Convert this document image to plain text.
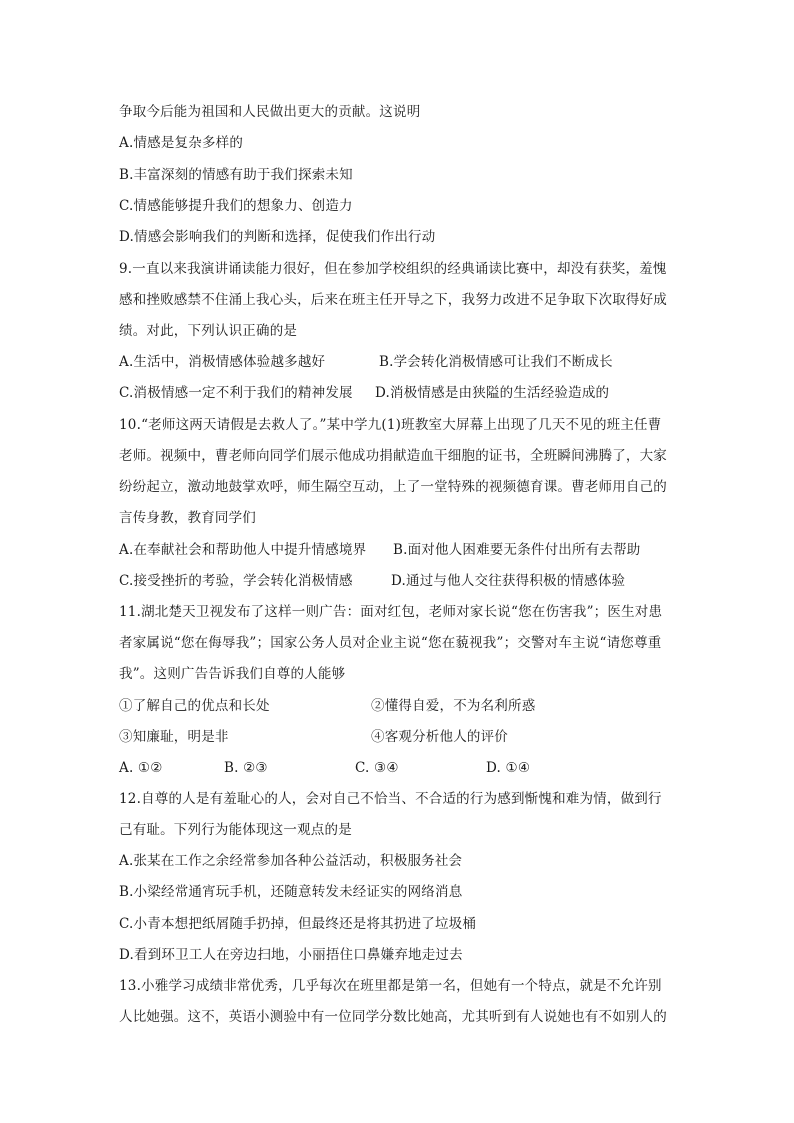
争取今后能为祖国和人民做出更大的贡献。这说明
A.情感是复杂多样的
B.丰富深刻的情感有助于我们探索未知
C.情感能够提升我们的想象力、创造力
D.情感会影响我们的判断和选择，促使我们作出行动
9.一直以来我演讲诵读能力很好，但在参加学校组织的经典诵读比赛中，却没有获奖，羞愧
感和挫败感禁不住涌上我心头，后来在班主任开导之下，我努力改进不足争取下次取得好成
绩。对此，下列认识正确的是
A.生活中，消极情感体验越多越好	B.学会转化消极情感可让我们不断成长
C.消极情感一定不利于我们的精神发展 D.消极情感是由狭隘的生活经验造成的
10.“老师这两天请假是去救人了。”某中学九(1)班教室大屏幕上出现了几天不见的班主任曹
老师。视频中，曹老师向同学们展示他成功捐献造血干细胞的证书，全班瞬间沸腾了，大家
纷纷起立，激动地鼓掌欢呼，师生隔空互动，上了一堂特殊的视频德育课。曹老师用自己的
言传身教，教育同学们
A.在奉献社会和帮助他人中提升情感境界 B.面对他人困难要无条件付出所有去帮助
C.接受挫折的考验，学会转化消极情感	D.通过与他人交往获得积极的情感体验
11.湖北楚天卫视发布了这样一则广告：面对红包，老师对家长说“您在伤害我”；医生对患
者家属说“您在侮辱我”；国家公务人员对企业主说“您在藐视我”；交警对车主说“请您尊重
我”。这则广告告诉我们自尊的人能够
①了解自己的优点和长处	②懂得自爱，不为名利所惑
③知廉耻，明是非	④客观分析他人的评价
A. ①②	B. ②③	C. ③④	D. ①④
12.自尊的人是有羞耻心的人，会对自己不恰当、不合适的行为感到惭愧和难为情，做到行
己有耻。下列行为能体现这一观点的是
A.张某在工作之余经常参加各种公益活动，积极服务社会
B.小梁经常通宵玩手机，还随意转发未经证实的网络消息
C.小青本想把纸屑随手扔掉，但最终还是将其扔进了垃圾桶
D.看到环卫工人在旁边扫地，小丽捂住口鼻嫌弃地走过去
13.小雅学习成绩非常优秀，几乎每次在班里都是第一名，但她有一个特点，就是不允许别
人比她强。这不，英语小测验中有一位同学分数比她高，尤其听到有人说她也有不如别人的
